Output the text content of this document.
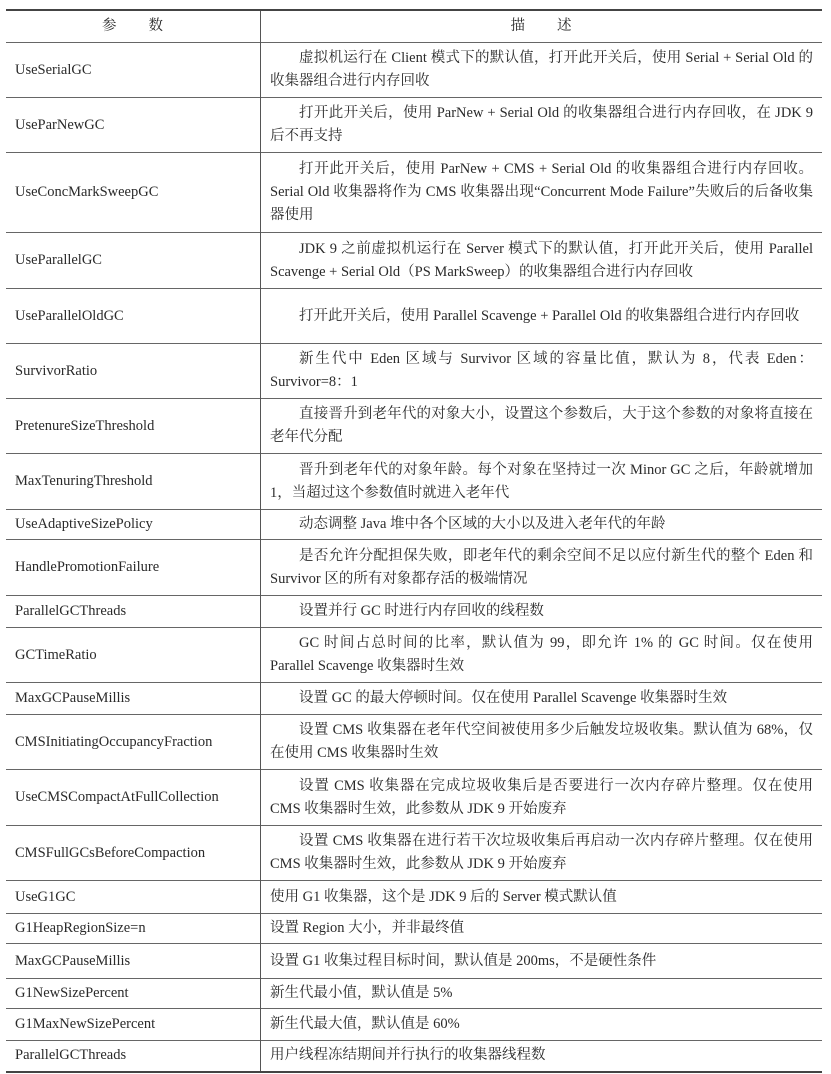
参　　数	描　　述
UseSerialGC	虚拟机运行在 Client 模式下的默认值，打开此开关后，使用 Serial + Serial Old 的收集器组合进行内存回收
UseParNewGC	打开此开关后，使用 ParNew + Serial Old 的收集器组合进行内存回收，在 JDK 9 后不再支持
UseConcMarkSweepGC	打开此开关后，使用 ParNew + CMS + Serial Old 的收集器组合进行内存回收。Serial Old 收集器将作为 CMS 收集器出现“Concurrent Mode Failure”失败后的后备收集器使用
UseParallelGC	JDK 9 之前虚拟机运行在 Server 模式下的默认值，打开此开关后，使用 Parallel Scavenge + Serial Old（PS MarkSweep）的收集器组合进行内存回收
UseParallelOldGC	打开此开关后，使用 Parallel Scavenge + Parallel Old 的收集器组合进行内存回收
SurvivorRatio	新生代中 Eden 区域与 Survivor 区域的容量比值，默认为 8，代表 Eden：Survivor=8：1
PretenureSizeThreshold	直接晋升到老年代的对象大小，设置这个参数后，大于这个参数的对象将直接在老年代分配
MaxTenuringThreshold	晋升到老年代的对象年龄。每个对象在坚持过一次 Minor GC 之后，年龄就增加 1，当超过这个参数值时就进入老年代
UseAdaptiveSizePolicy	动态调整 Java 堆中各个区域的大小以及进入老年代的年龄
HandlePromotionFailure	是否允许分配担保失败，即老年代的剩余空间不足以应付新生代的整个 Eden 和 Survivor 区的所有对象都存活的极端情况
ParallelGCThreads	设置并行 GC 时进行内存回收的线程数
GCTimeRatio	GC 时间占总时间的比率，默认值为 99，即允许 1% 的 GC 时间。仅在使用 Parallel Scavenge 收集器时生效
MaxGCPauseMillis	设置 GC 的最大停顿时间。仅在使用 Parallel Scavenge 收集器时生效
CMSInitiatingOccupancyFraction	设置 CMS 收集器在老年代空间被使用多少后触发垃圾收集。默认值为 68%，仅在使用 CMS 收集器时生效
UseCMSCompactAtFullCollection	设置 CMS 收集器在完成垃圾收集后是否要进行一次内存碎片整理。仅在使用 CMS 收集器时生效，此参数从 JDK 9 开始废弃
CMSFullGCsBeforeCompaction	设置 CMS 收集器在进行若干次垃圾收集后再启动一次内存碎片整理。仅在使用 CMS 收集器时生效，此参数从 JDK 9 开始废弃
UseG1GC	使用 G1 收集器，这个是 JDK 9 后的 Server 模式默认值
G1HeapRegionSize=n	设置 Region 大小，并非最终值
MaxGCPauseMillis	设置 G1 收集过程目标时间，默认值是 200ms，不是硬性条件
G1NewSizePercent	新生代最小值，默认值是 5%
G1MaxNewSizePercent	新生代最大值，默认值是 60%
ParallelGCThreads	用户线程冻结期间并行执行的收集器线程数
